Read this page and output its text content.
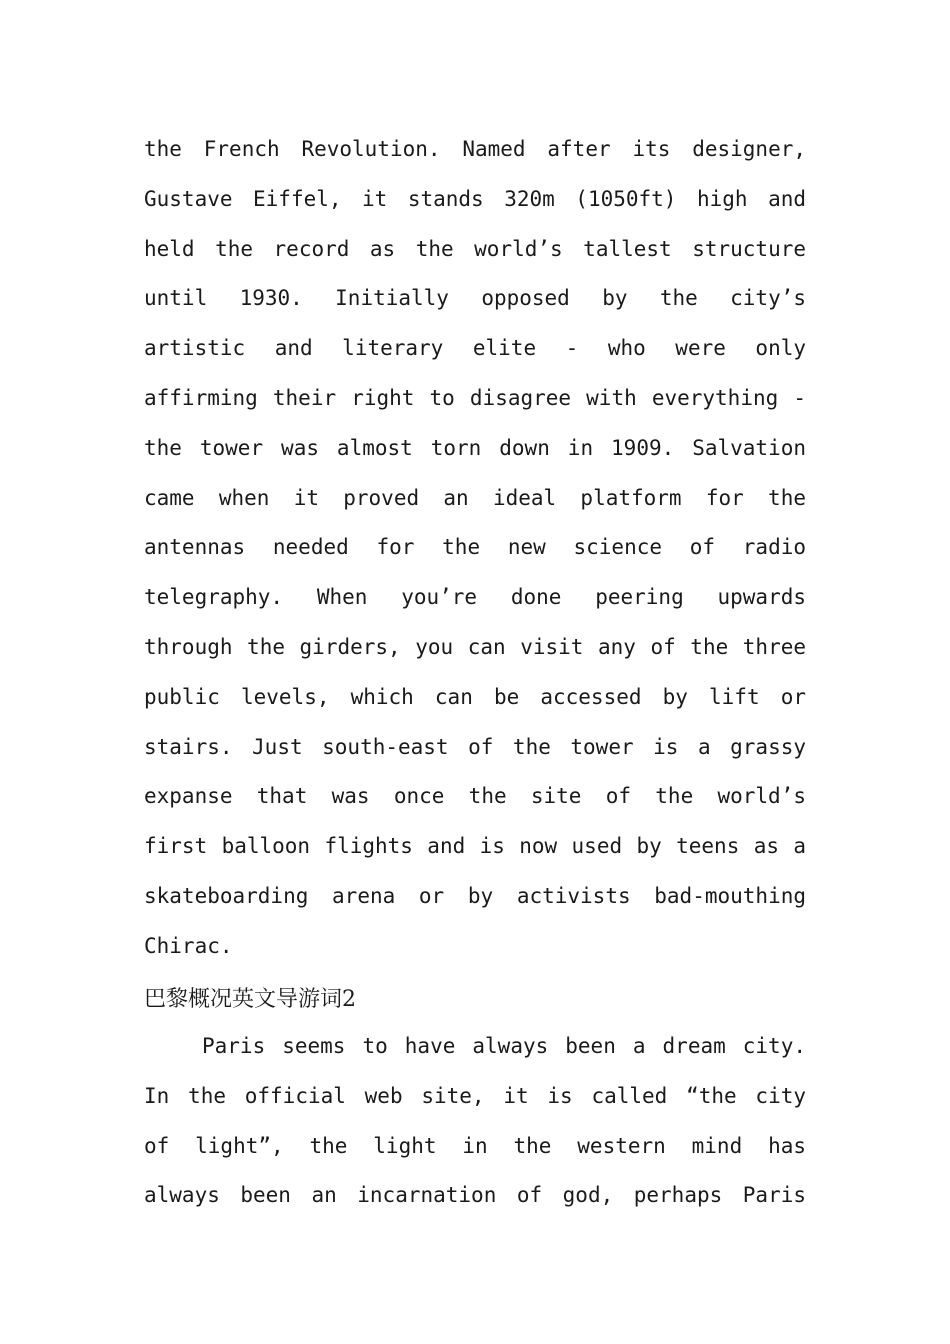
the French Revolution. Named after its designer,
Gustave Eiffel, it stands 320m (1050ft) high and
held the record as the world’s tallest structure
until 1930. Initially opposed by the city’s
artistic and literary elite - who were only
affirming their right to disagree with everything -
the tower was almost torn down in 1909. Salvation
came when it proved an ideal platform for the
antennas needed for the new science of radio
telegraphy. When you’re done peering upwards
through the girders, you can visit any of the three
public levels, which can be accessed by lift or
stairs. Just south-east of the tower is a grassy
expanse that was once the site of the world’s
first balloon flights and is now used by teens as a
skateboarding arena or by activists bad-mouthing
Chirac.
巴黎概况英文导游词2
Paris seems to have always been a dream city.
In the official web site, it is called “the city
of light”, the light in the western mind has
always been an incarnation of god, perhaps Paris
